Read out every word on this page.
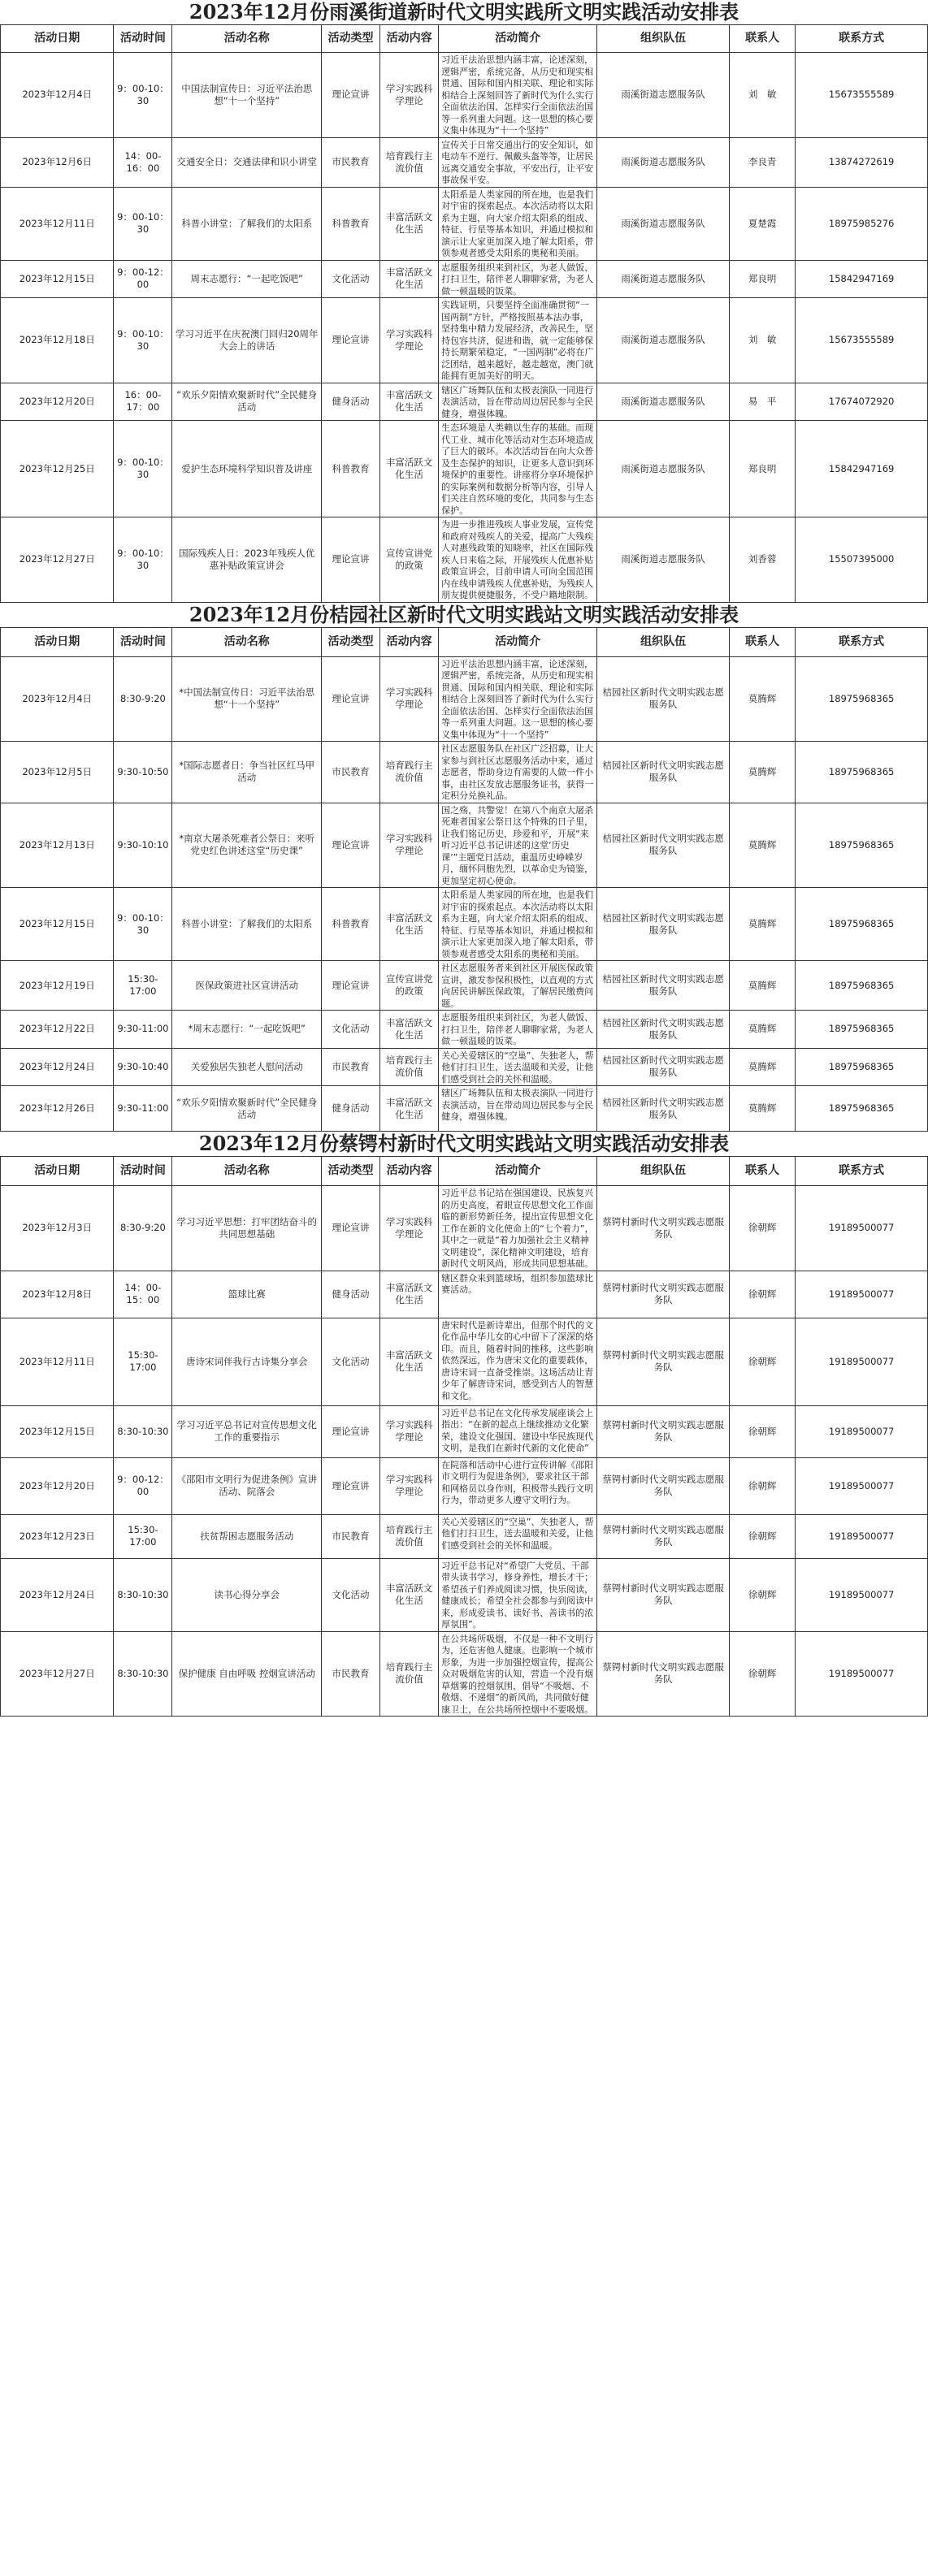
2023年12月份雨溪街道新时代文明实践所文明实践活动安排表
活动日期	活动时间	活动名称	活动类型	活动内容	活动简介	组织队伍	联系人	联系方式
2023年12月4日	9：00-10：30	中国法制宣传日：习近平法治思想“十一个坚持”	理论宣讲	学习实践科学理论	习近平法治思想内涵丰富，论述深刻，逻辑严密，系统完备，从历史和现实相贯通、国际和国内相关联、理论和实际相结合上深刻回答了新时代为什么实行全面依法治国、怎样实行全面依法治国等一系列重大问题。这一思想的核心要义集中体现为“十一个坚持”	雨溪街道志愿服务队	刘　敏	15673555589
2023年12月6日	14：00-16：00	交通安全日：交通法律和识小讲堂	市民教育	培育践行主流价值	宣传关于日常交通出行的安全知识，如电动车不逆行、佩戴头盔等等，让居民远离交通安全事故，平安出行，让平安事故保平安。	雨溪街道志愿服务队	李良青	13874272619
2023年12月11日	9：00-10：30	科普小讲堂：了解我们的太阳系	科普教育	丰富活跃文化生活	太阳系是人类家园的所在地，也是我们对宇宙的探索起点。本次活动将以太阳系为主题，向大家介绍太阳系的组成、特征、行星等基本知识，并通过模拟和演示让大家更加深入地了解太阳系，带领参观者感受太阳系的奥秘和美丽。	雨溪街道志愿服务队	夏楚霞	18975985276
2023年12月15日	9：00-12：00	周末志愿行：“一起吃饭吧”	文化活动	丰富活跃文化生活	志愿服务组织来到社区，为老人做饭、打扫卫生，陪伴老人聊聊家常，为老人做一顿温暖的饭菜。	雨溪街道志愿服务队	郑良明	15842947169
2023年12月18日	9：00-10：30	学习习近平在庆祝澳门回归20周年大会上的讲话	理论宣讲	学习实践科学理论	实践证明，只要坚持全面准确贯彻“一国两制”方针，严格按照基本法办事，坚持集中精力发展经济，改善民生，坚持包容共济，促进和谐，就一定能够保持长期繁荣稳定，“一国两制”必将在广泛团结，越来越好，越走越宽，澳门就能拥有更加美好的明天。	雨溪街道志愿服务队	刘　敏	15673555589
2023年12月20日	16：00-17：00	“欢乐夕阳情欢聚新时代”全民健身活动	健身活动	丰富活跃文化生活	辖区广场舞队伍和太极表演队一同进行表演活动，旨在带动周边居民参与全民健身，增强体魄。	雨溪街道志愿服务队	易　平	17674072920
2023年12月25日	9：00-10：30	爱护生态环境科学知识普及讲座	科普教育	丰富活跃文化生活	生态环境是人类赖以生存的基础。而现代工业、城市化等活动对生态环境造成了巨大的破坏。本次活动旨在向大众普及生态保护的知识，让更多人意识到环境保护的重要性。讲座将分享环境保护的实际案例和数据分析等内容，引导人们关注自然环境的变化，共同参与生态保护。	雨溪街道志愿服务队	郑良明	15842947169
2023年12月27日	9：00-10：30	国际残疾人日：2023年残疾人优惠补贴政策宣讲会	理论宣讲	宣传宣讲党的政策	为进一步推进残疾人事业发展，宣传党和政府对残疾人的关爱，提高广大残疾人对惠残政策的知晓率，社区在国际残疾人日来临之际，开展残疾人优惠补贴政策宣讲会，目前申请人可向全国范围内在线申请残疾人优惠补贴，为残疾人朋友提供便捷服务，不受户籍地限制。	雨溪街道志愿服务队	刘香蓉	15507395000
2023年12月份桔园社区新时代文明实践站文明实践活动安排表
活动日期	活动时间	活动名称	活动类型	活动内容	活动简介	组织队伍	联系人	联系方式
2023年12月4日	8:30-9:20	*中国法制宣传日：习近平法治思想“十一个坚持”	理论宣讲	学习实践科学理论	习近平法治思想内涵丰富，论述深刻，逻辑严密，系统完备，从历史和现实相贯通、国际和国内相关联、理论和实际相结合上深刻回答了新时代为什么实行全面依法治国、怎样实行全面依法治国等一系列重大问题。这一思想的核心要义集中体现为“十一个坚持”	桔园社区新时代文明实践志愿服务队	莫腾辉	18975968365
2023年12月5日	9:30-10:50	*国际志愿者日：争当社区红马甲活动	市民教育	培育践行主流价值	社区志愿服务队在社区广泛招募，让大家参与到社区志愿服务活动中来，通过志愿者，帮助身边有需要的人做一件小事，由社区发放志愿服务证书，获得一定积分兑换礼品。	桔园社区新时代文明实践志愿服务队	莫腾辉	18975968365
2023年12月13日	9:30-10:10	*南京大屠杀死难者公祭日：来听党史红色讲述这堂“历史课”	理论宣讲	学习实践科学理论	国之殇，共警觉！在第八个南京大屠杀死难者国家公祭日这个特殊的日子里，让我们铭记历史，珍爱和平，开展“来听习近平总书记讲述的这堂‘历史课’”主题党日活动，重温历史峥嵘岁月，缅怀同胞先烈，以革命史为镜鉴，更加坚定初心使命。	桔园社区新时代文明实践志愿服务队	莫腾辉	18975968365
2023年12月15日	9：00-10：30	科普小讲堂：了解我们的太阳系	科普教育	丰富活跃文化生活	太阳系是人类家园的所在地，也是我们对宇宙的探索起点。本次活动将以太阳系为主题，向大家介绍太阳系的组成、特征、行星等基本知识，并通过模拟和演示让大家更加深入地了解太阳系，带领参观者感受太阳系的奥秘和美丽。	桔园社区新时代文明实践志愿服务队	莫腾辉	18975968365
2023年12月19日	15:30-17:00	医保政策进社区宣讲活动	理论宣讲	宣传宣讲党的政策	社区志愿服务者来到社区开展医保政策宣讲，激发参保积极性，以直观的方式向居民讲解医保政策，了解居民缴费问题。	桔园社区新时代文明实践志愿服务队	莫腾辉	18975968365
2023年12月22日	9:30-11:00	*周末志愿行：“一起吃饭吧”	文化活动	丰富活跃文化生活	志愿服务组织来到社区，为老人做饭、打扫卫生，陪伴老人聊聊家常，为老人做一顿温暖的饭菜。	桔园社区新时代文明实践志愿服务队	莫腾辉	18975968365
2023年12月24日	9:30-10:40	关爱独居失独老人慰问活动	市民教育	培育践行主流价值	关心关爱辖区的“空巢”、失独老人，帮他们打扫卫生，送去温暖和关爱，让他们感受到社会的关怀和温暖。	桔园社区新时代文明实践志愿服务队	莫腾辉	18975968365
2023年12月26日	9:30-11:00	“欢乐夕阳情欢聚新时代”全民健身活动	健身活动	丰富活跃文化生活	辖区广场舞队伍和太极表演队一同进行表演活动，旨在带动周边居民参与全民健身，增强体魄。	桔园社区新时代文明实践志愿服务队	莫腾辉	18975968365
2023年12月份蔡锷村新时代文明实践站文明实践活动安排表
活动日期	活动时间	活动名称	活动类型	活动内容	活动简介	组织队伍	联系人	联系方式
2023年12月3日	8:30-9:20	学习习近平思想：打牢团结奋斗的共同思想基础	理论宣讲	学习实践科学理论	习近平总书记站在强国建设、民族复兴的历史高度，着眼宣传思想文化工作面临的新形势新任务，提出宣传思想文化工作在新的文化使命上的“七个着力”，其中之一就是“着力加强社会主义精神文明建设”，深化精神文明建设，培育新时代文明风尚，形成共同思想基础。	蔡锷村新时代文明实践志愿服务队	徐朝辉	19189500077
2023年12月8日	14：00-15：00	篮球比赛	健身活动	丰富活跃文化生活	辖区群众来到篮球场，组织参加篮球比赛活动。	蔡锷村新时代文明实践志愿服务队	徐朝辉	19189500077
2023年12月11日	15:30-17:00	唐诗宋词伴我行古诗集分享会	文化活动	丰富活跃文化生活	唐宋时代是新诗辈出，但那个时代的文化作品中华儿女的心中留下了深深的烙印。而且，随着时间的推移，这些影响依然深远，作为唐宋文化的重要载体，唐诗宋词一直备受推崇。这场活动让青少年了解唐诗宋词，感受到古人的智慧和文化。	蔡锷村新时代文明实践志愿服务队	徐朝辉	19189500077
2023年12月15日	8:30-10:30	学习习近平总书记对宣传思想文化工作的重要指示	理论宣讲	学习实践科学理论	习近平总书记在文化传承发展座谈会上指出：“在新的起点上继续推动文化繁荣，建设文化强国、建设中华民族现代文明，是我们在新时代新的文化使命”	蔡锷村新时代文明实践志愿服务队	徐朝辉	19189500077
2023年12月20日	9：00-12：00	《邵阳市文明行为促进条例》宣讲活动、院落会	理论宣讲	学习实践科学理论	在院落和活动中心进行宣传讲解《邵阳市文明行为促进条例》，要求社区干部和网格员以身作则，积极带头践行文明行为，带动更多人遵守文明行为。	蔡锷村新时代文明实践志愿服务队	徐朝辉	19189500077
2023年12月23日	15:30-17:00	扶贫帮困志愿服务活动	市民教育	培育践行主流价值	关心关爱辖区的“空巢”、失独老人，帮他们打扫卫生，送去温暖和关爱，让他们感受到社会的关怀和温暖。	蔡锷村新时代文明实践志愿服务队	徐朝辉	19189500077
2023年12月24日	8:30-10:30	读书心得分享会	文化活动	丰富活跃文化生活	习近平总书记对“希望广大党员、干部带头读书学习，修身养性，增长才干；希望孩子们养成阅读习惯，快乐阅读，健康成长；希望全社会都参与到阅读中来，形成爱读书、读好书、善读书的浓厚氛围”。	蔡锷村新时代文明实践志愿服务队	徐朝辉	19189500077
2023年12月27日	8:30-10:30	保护健康 自由呼吸 控烟宣讲活动	市民教育	培育践行主流价值	在公共场所吸烟，不仅是一种不文明行为，还危害他人健康。也影响一个城市形象，为进一步加强控烟宣传，提高公众对吸烟危害的认知，营造一个没有烟草烟雾的控烟氛围，倡导“不吸烟、不敬烟、不递烟”的新风尚，共同做好健康卫士，在公共场所控烟中不要吸烟。	蔡锷村新时代文明实践志愿服务队	徐朝辉	19189500077
